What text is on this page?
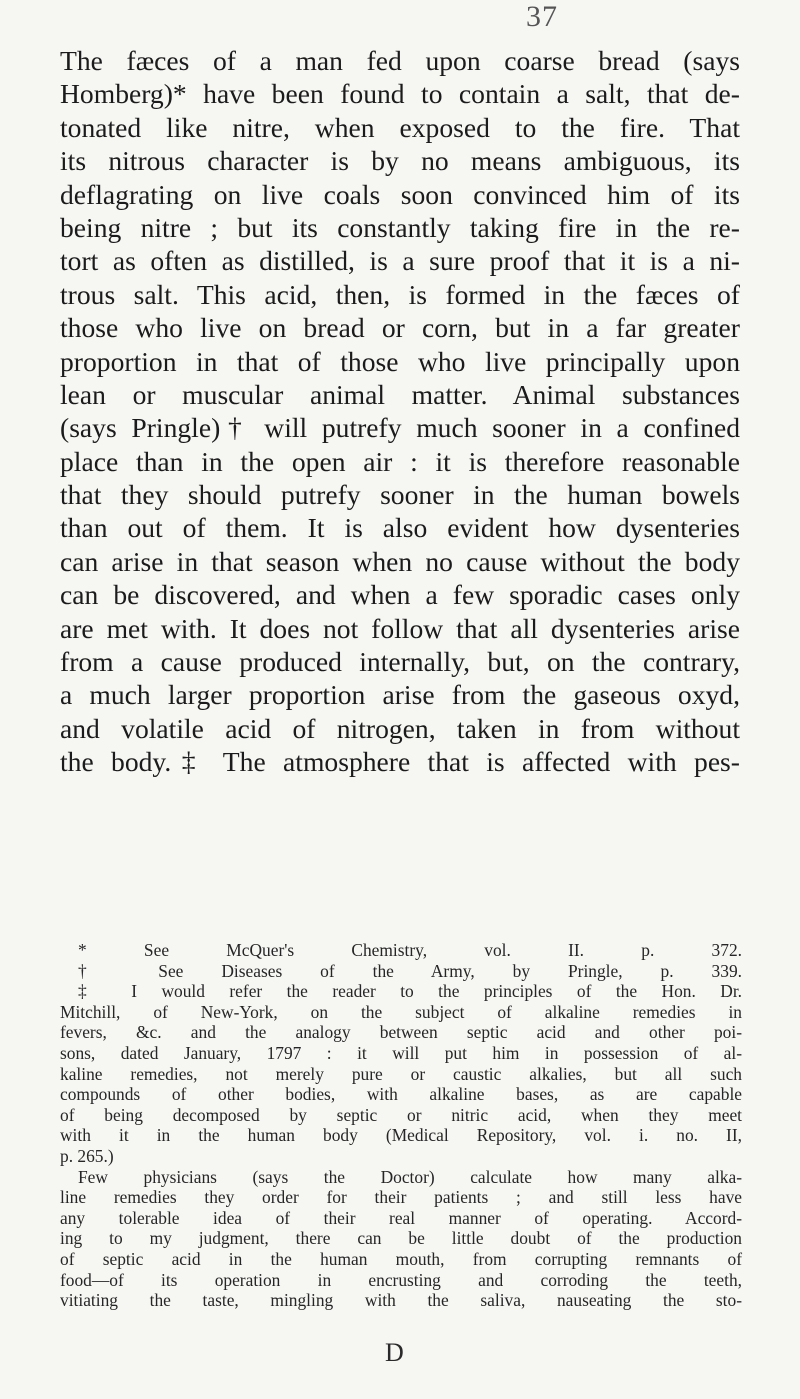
37
The fæces of a man fed upon coarse bread (says
Homberg)* have been found to contain a salt, that de-
tonated like nitre, when exposed to the fire. That
its nitrous character is by no means ambiguous, its
deflagrating on live coals soon convinced him of its
being nitre ; but its constantly taking fire in the re-
tort as often as distilled, is a sure proof that it is a ni-
trous salt. This acid, then, is formed in the fæces of
those who live on bread or corn, but in a far greater
proportion in that of those who live principally upon
lean or muscular animal matter. Animal substances
(says Pringle)† will putrefy much sooner in a confined
place than in the open air : it is therefore reasonable
that they should putrefy sooner in the human bowels
than out of them. It is also evident how dysenteries
can arise in that season when no cause without the body
can be discovered, and when a few sporadic cases only
are met with. It does not follow that all dysenteries arise
from a cause produced internally, but, on the contrary,
a much larger proportion arise from the gaseous oxyd,
and volatile acid of nitrogen, taken in from without
the body.‡ The atmosphere that is affected with pes-
* See McQuer's Chemistry, vol. II. p. 372.
† See Diseases of the Army, by Pringle, p. 339.
‡ I would refer the reader to the principles of the Hon. Dr.
Mitchill, of New-York, on the subject of alkaline remedies in
fevers, &c. and the analogy between septic acid and other poi-
sons, dated January, 1797 : it will put him in possession of al-
kaline remedies, not merely pure or caustic alkalies, but all such
compounds of other bodies, with alkaline bases, as are capable
of being decomposed by septic or nitric acid, when they meet
with it in the human body (Medical Repository, vol. i. no. II,
p. 265.)
Few physicians (says the Doctor) calculate how many alka-
line remedies they order for their patients ; and still less have
any tolerable idea of their real manner of operating. Accord-
ing to my judgment, there can be little doubt of the production
of septic acid in the human mouth, from corrupting remnants of
food—of its operation in encrusting and corroding the teeth,
vitiating the taste, mingling with the saliva, nauseating the sto-
D
